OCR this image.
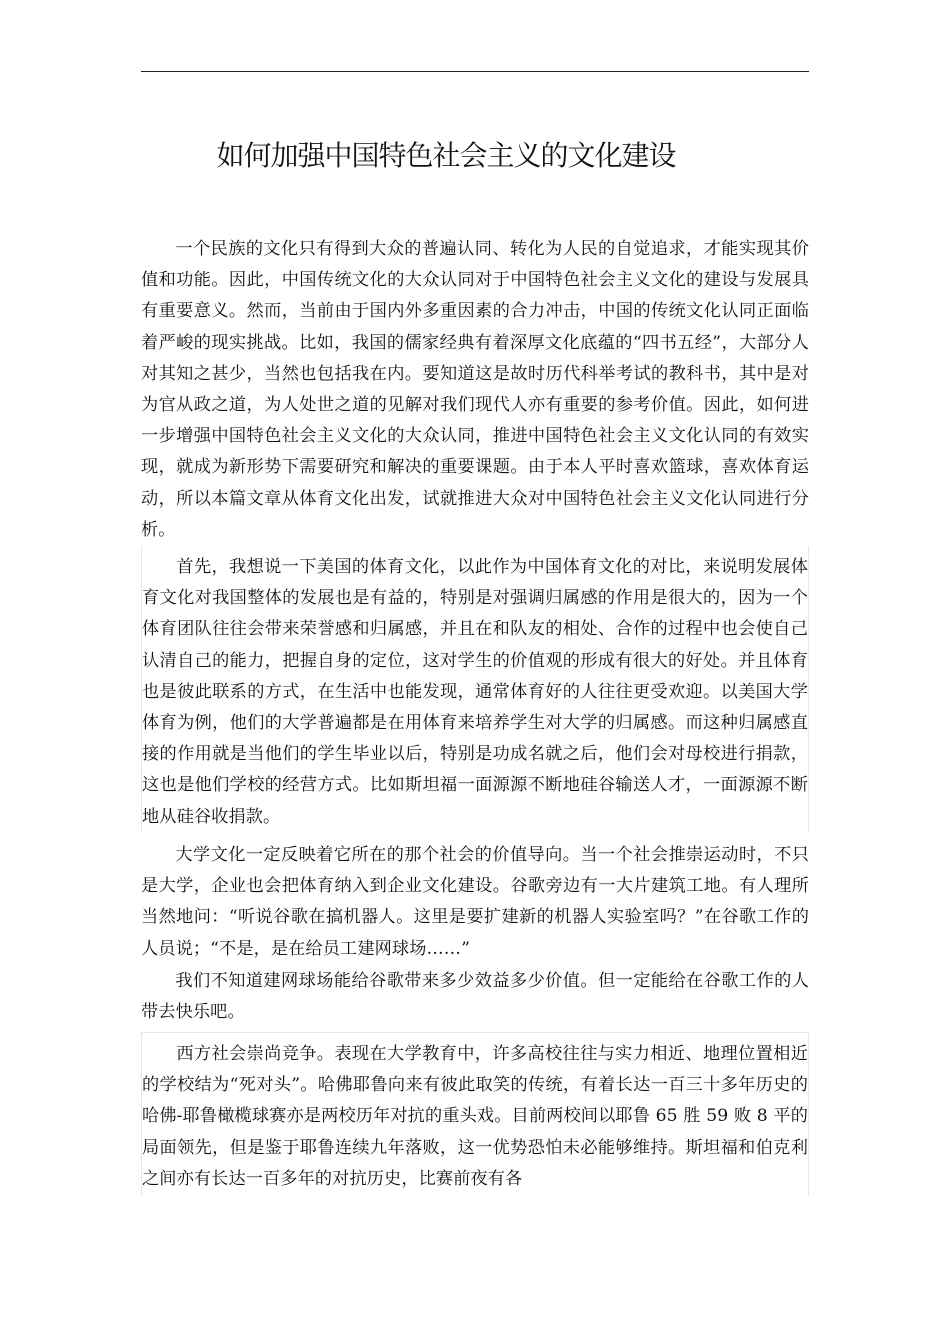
如何加强中国特色社会主义的文化建设

一个民族的文化只有得到大众的普遍认同、转化为人民的自觉追求，才能实现其价值和功能。因此，中国传统文化的大众认同对于中国特色社会主义文化的建设与发展具有重要意义。然而，当前由于国内外多重因素的合力冲击，中国的传统文化认同正面临着严峻的现实挑战。比如，我国的儒家经典有着深厚文化底蕴的“四书五经”，大部分人对其知之甚少，当然也包括我在内。要知道这是故时历代科举考试的教科书，其中是对为官从政之道，为人处世之道的见解对我们现代人亦有重要的参考价值。因此，如何进一步增强中国特色社会主义文化的大众认同，推进中国特色社会主义文化认同的有效实现，就成为新形势下需要研究和解决的重要课题。由于本人平时喜欢篮球，喜欢体育运动，所以本篇文章从体育文化出发，试就推进大众对中国特色社会主义文化认同进行分析。

首先，我想说一下美国的体育文化，以此作为中国体育文化的对比，来说明发展体育文化对我国整体的发展也是有益的，特别是对强调归属感的作用是很大的，因为一个体育团队往往会带来荣誉感和归属感，并且在和队友的相处、合作的过程中也会使自己认清自己的能力，把握自身的定位，这对学生的价值观的形成有很大的好处。并且体育也是彼此联系的方式，在生活中也能发现，通常体育好的人往往更受欢迎。以美国大学体育为例，他们的大学普遍都是在用体育来培养学生对大学的归属感。而这种归属感直接的作用就是当他们的学生毕业以后，特别是功成名就之后，他们会对母校进行捐款，这也是他们学校的经营方式。比如斯坦福一面源源不断地硅谷输送人才，一面源源不断地从硅谷收捐款。

大学文化一定反映着它所在的那个社会的价值导向。当一个社会推崇运动时，不只是大学，企业也会把体育纳入到企业文化建设。谷歌旁边有一大片建筑工地。有人理所当然地问：“听说谷歌在搞机器人。这里是要扩建新的机器人实验室吗？”在谷歌工作的人员说；“不是，是在给员工建网球场……”

我们不知道建网球场能给谷歌带来多少效益多少价值。但一定能给在谷歌工作的人带去快乐吧。

西方社会崇尚竞争。表现在大学教育中，许多高校往往与实力相近、地理位置相近的学校结为“死对头”。哈佛耶鲁向来有彼此取笑的传统，有着长达一百三十多年历史的哈佛-耶鲁橄榄球赛亦是两校历年对抗的重头戏。目前两校间以耶鲁 65 胜 59 败 8 平的局面领先，但是鉴于耶鲁连续九年落败，这一优势恐怕未必能够维持。斯坦福和伯克利之间亦有长达一百多年的对抗历史，比赛前夜有各
